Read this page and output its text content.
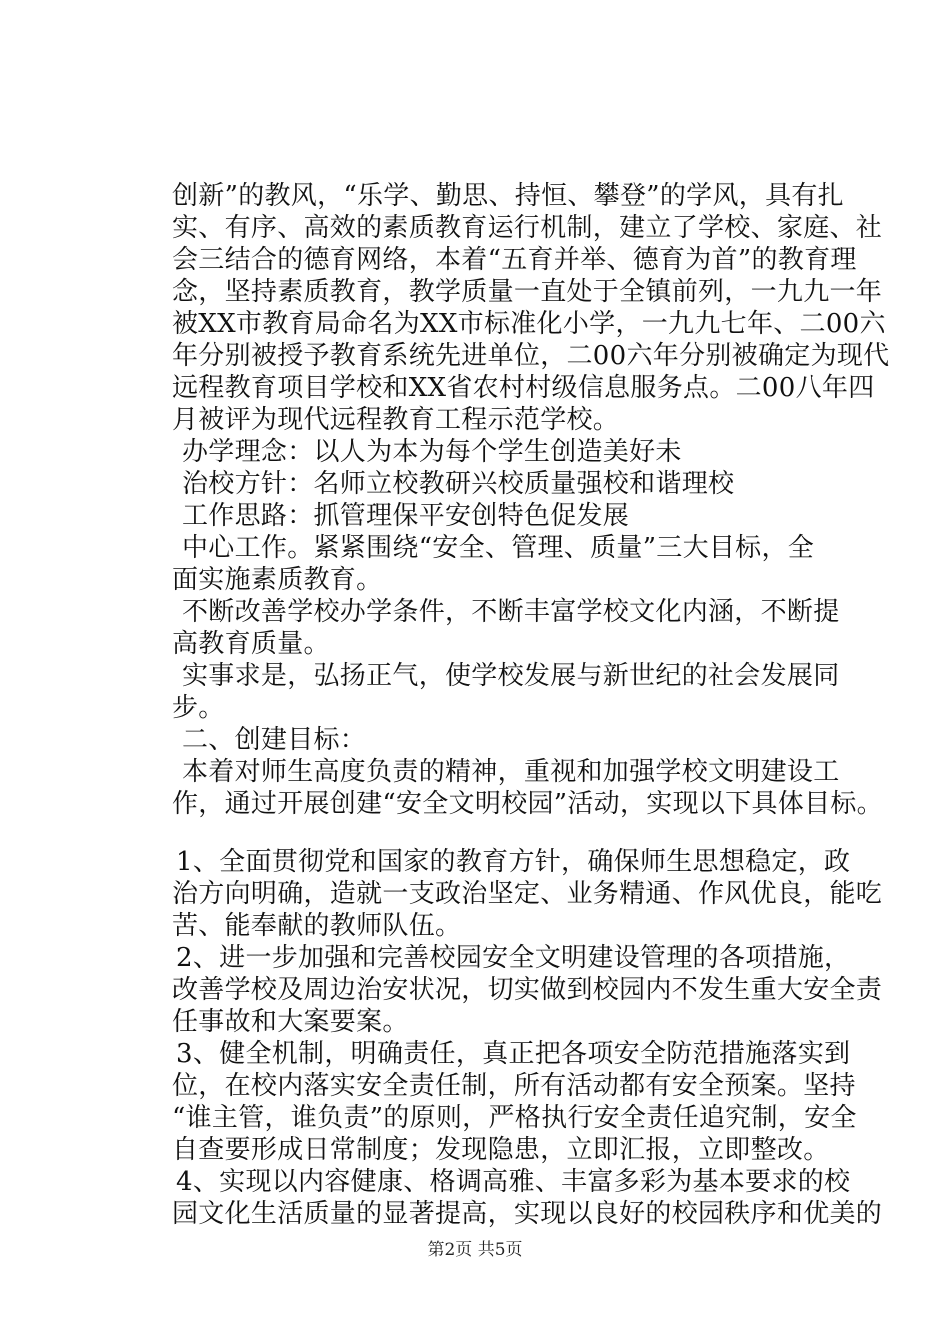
创新”的教风，“乐学、勤思、持恒、攀登”的学风，具有扎
实、有序、高效的素质教育运行机制，建立了学校、家庭、社
会三结合的德育网络，本着“五育并举、德育为首”的教育理
念，坚持素质教育，教学质量一直处于全镇前列，一九九一年
被XX市教育局命名为XX市标准化小学，一九九七年、二00六
年分别被授予教育系统先进单位，二00六年分别被确定为现代
远程教育项目学校和XX省农村村级信息服务点。二00八年四
月被评为现代远程教育工程示范学校。
办学理念：以人为本为每个学生创造美好未
治校方针：名师立校教研兴校质量强校和谐理校
工作思路：抓管理保平安创特色促发展
中心工作。紧紧围绕“安全、管理、质量”三大目标，全
面实施素质教育。
不断改善学校办学条件，不断丰富学校文化内涵，不断提
高教育质量。
实事求是，弘扬正气，使学校发展与新世纪的社会发展同
步。
二、创建目标：
本着对师生高度负责的精神，重视和加强学校文明建设工
作，通过开展创建“安全文明校园”活动，实现以下具体目标。
1、全面贯彻党和国家的教育方针，确保师生思想稳定，政
治方向明确，造就一支政治坚定、业务精通、作风优良，能吃
苦、能奉献的教师队伍。
2、进一步加强和完善校园安全文明建设管理的各项措施，
改善学校及周边治安状况，切实做到校园内不发生重大安全责
任事故和大案要案。
3、健全机制，明确责任，真正把各项安全防范措施落实到
位，在校内落实安全责任制，所有活动都有安全预案。坚持
“谁主管，谁负责”的原则，严格执行安全责任追究制，安全
自查要形成日常制度；发现隐患，立即汇报，立即整改。
4、实现以内容健康、格调高雅、丰富多彩为基本要求的校
园文化生活质量的显著提高，实现以良好的校园秩序和优美的
第2页 共5页
